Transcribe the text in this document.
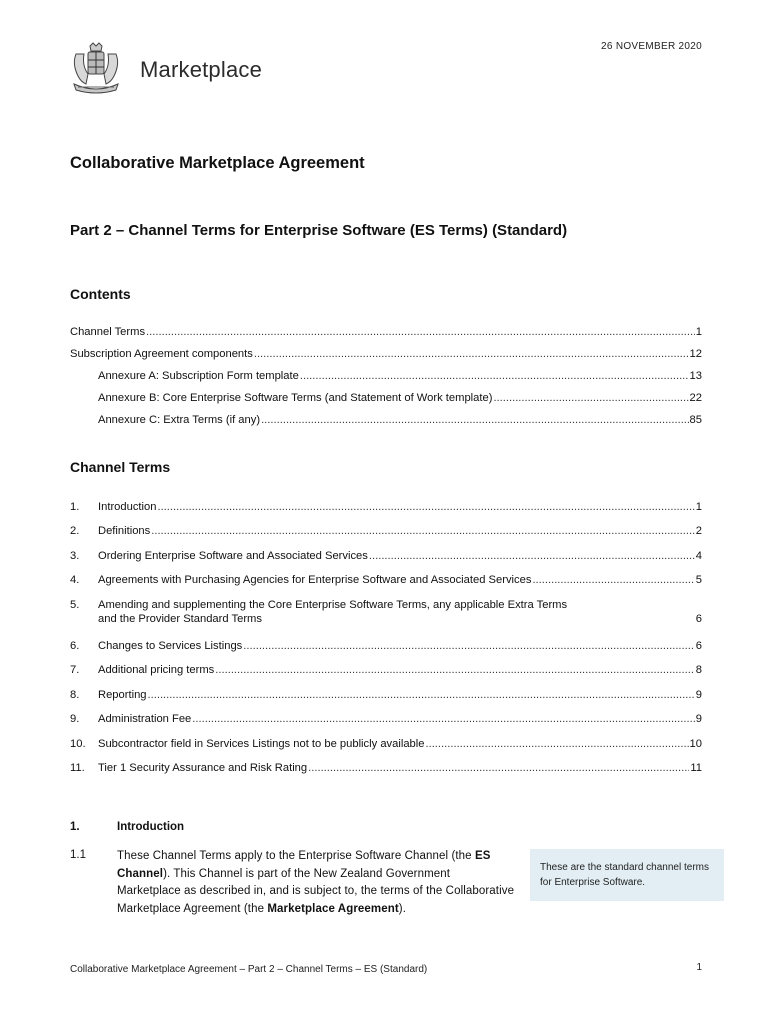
Marketplace
26 NOVEMBER 2020
Collaborative Marketplace Agreement
Part 2 – Channel Terms for Enterprise Software (ES Terms) (Standard)
Contents
Channel Terms .....	1
Subscription Agreement components .....	12
Annexure A: Subscription Form template .....	13
Annexure B: Core Enterprise Software Terms (and Statement of Work template) .....	22
Annexure C: Extra Terms (if any) .....	85
Channel Terms
1. Introduction .....	1
2. Definitions .....	2
3. Ordering Enterprise Software and Associated Services .....	4
4. Agreements with Purchasing Agencies for Enterprise Software and Associated Services .....	5
5. Amending and supplementing the Core Enterprise Software Terms, any applicable Extra Terms
and the Provider Standard Terms	6
6. Changes to Services Listings .....	6
7. Additional pricing terms .....	8
8. Reporting .....	9
9. Administration Fee .....	9
10. Subcontractor field in Services Listings not to be publicly available .....	10
11. Tier 1 Security Assurance and Risk Rating .....	11
1.	Introduction
1.1	These Channel Terms apply to the Enterprise Software Channel (the ES Channel). This Channel is part of the New Zealand Government Marketplace as described in, and is subject to, the terms of the Collaborative Marketplace Agreement (the Marketplace Agreement).
These are the standard channel terms for Enterprise Software.
Collaborative Marketplace Agreement – Part 2 – Channel Terms – ES (Standard)	1
